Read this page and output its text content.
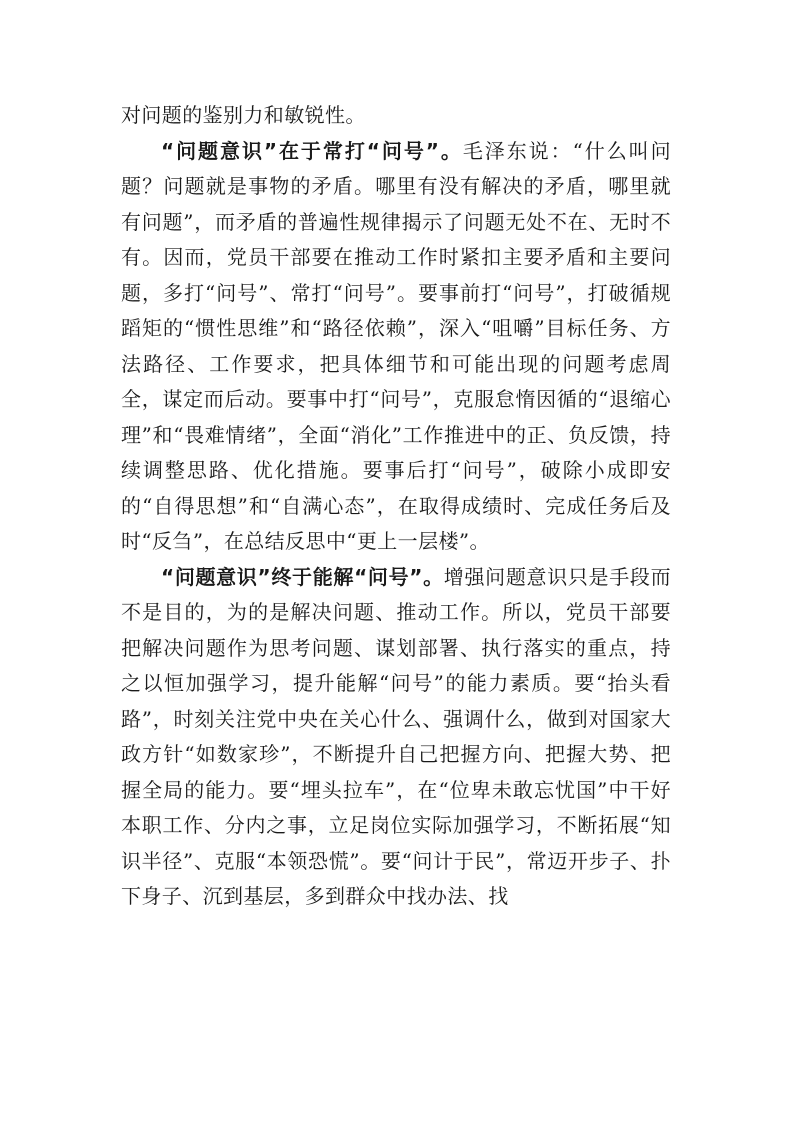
对问题的鉴别力和敏锐性。

“问题意识”在于常打“问号”。毛泽东说：“什么叫问题？问题就是事物的矛盾。哪里有没有解决的矛盾，哪里就有问题”，而矛盾的普遍性规律揭示了问题无处不在、无时不有。因而，党员干部要在推动工作时紧扣主要矛盾和主要问题，多打“问号”、常打“问号”。要事前打“问号”，打破循规蹈矩的“惯性思维”和“路径依赖”，深入“咀嚼”目标任务、方法路径、工作要求，把具体细节和可能出现的问题考虑周全，谋定而后动。要事中打“问号”，克服怠惰因循的“退缩心理”和“畏难情绪”，全面“消化”工作推进中的正、负反馈，持续调整思路、优化措施。要事后打“问号”，破除小成即安的“自得思想”和“自满心态”，在取得成绩时、完成任务后及时“反刍”，在总结反思中“更上一层楼”。

“问题意识”终于能解“问号”。增强问题意识只是手段而不是目的，为的是解决问题、推动工作。所以，党员干部要把解决问题作为思考问题、谋划部署、执行落实的重点，持之以恒加强学习，提升能解“问号”的能力素质。要“抬头看路”，时刻关注党中央在关心什么、强调什么，做到对国家大政方针“如数家珍”，不断提升自己把握方向、把握大势、把握全局的能力。要“埋头拉车”，在“位卑未敢忘忧国”中干好本职工作、分内之事，立足岗位实际加强学习，不断拓展“知识半径”、克服“本领恐慌”。要“问计于民”，常迈开步子、扑下身子、沉到基层，多到群众中找办法、找
